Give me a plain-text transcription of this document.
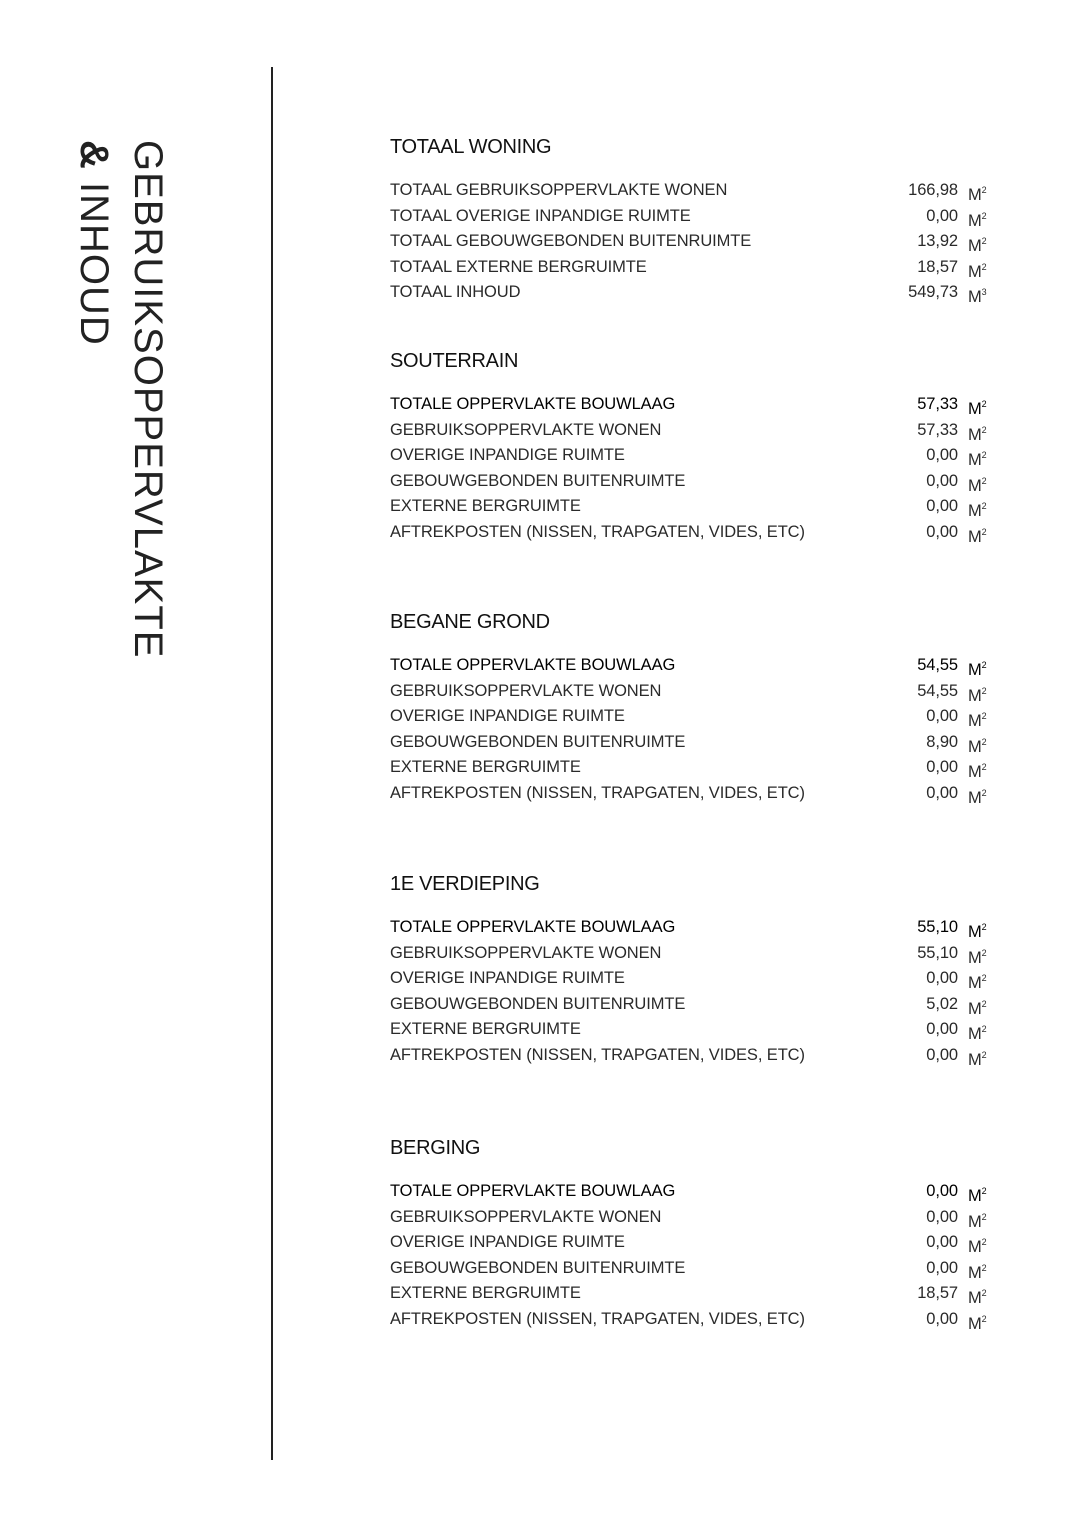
GEBRUIKSOPPERVLAKTE
& INHOUD
TOTAAL WONING
TOTAAL GEBRUIKSOPPERVLAKTE WONEN	166,98 $M^2$
TOTAAL OVERIGE INPANDIGE RUIMTE	0,00 $M^2$
TOTAAL GEBOUWGEBONDEN BUITENRUIMTE	13,92 $M^2$
TOTAAL EXTERNE BERGRUIMTE	18,57 $M^2$
TOTAAL INHOUD	549,73 $M^3$
SOUTERRAIN
TOTALE OPPERVLAKTE BOUWLAAG	57,33 $M^2$
GEBRUIKSOPPERVLAKTE WONEN	57,33 $M^2$
OVERIGE INPANDIGE RUIMTE	0,00 $M^2$
GEBOUWGEBONDEN BUITENRUIMTE	0,00 $M^2$
EXTERNE BERGRUIMTE	0,00 $M^2$
AFTREKPOSTEN (NISSEN, TRAPGATEN, VIDES, ETC)	0,00 $M^2$
BEGANE GROND
TOTALE OPPERVLAKTE BOUWLAAG	54,55 $M^2$
GEBRUIKSOPPERVLAKTE WONEN	54,55 $M^2$
OVERIGE INPANDIGE RUIMTE	0,00 $M^2$
GEBOUWGEBONDEN BUITENRUIMTE	8,90 $M^2$
EXTERNE BERGRUIMTE	0,00 $M^2$
AFTREKPOSTEN (NISSEN, TRAPGATEN, VIDES, ETC)	0,00 $M^2$
1E VERDIEPING
TOTALE OPPERVLAKTE BOUWLAAG	55,10 $M^2$
GEBRUIKSOPPERVLAKTE WONEN	55,10 $M^2$
OVERIGE INPANDIGE RUIMTE	0,00 $M^2$
GEBOUWGEBONDEN BUITENRUIMTE	5,02 $M^2$
EXTERNE BERGRUIMTE	0,00 $M^2$
AFTREKPOSTEN (NISSEN, TRAPGATEN, VIDES, ETC)	0,00 $M^2$
BERGING
TOTALE OPPERVLAKTE BOUWLAAG	0,00 $M^2$
GEBRUIKSOPPERVLAKTE WONEN	0,00 $M^2$
OVERIGE INPANDIGE RUIMTE	0,00 $M^2$
GEBOUWGEBONDEN BUITENRUIMTE	0,00 $M^2$
EXTERNE BERGRUIMTE	18,57 $M^2$
AFTREKPOSTEN (NISSEN, TRAPGATEN, VIDES, ETC)	0,00 $M^2$
